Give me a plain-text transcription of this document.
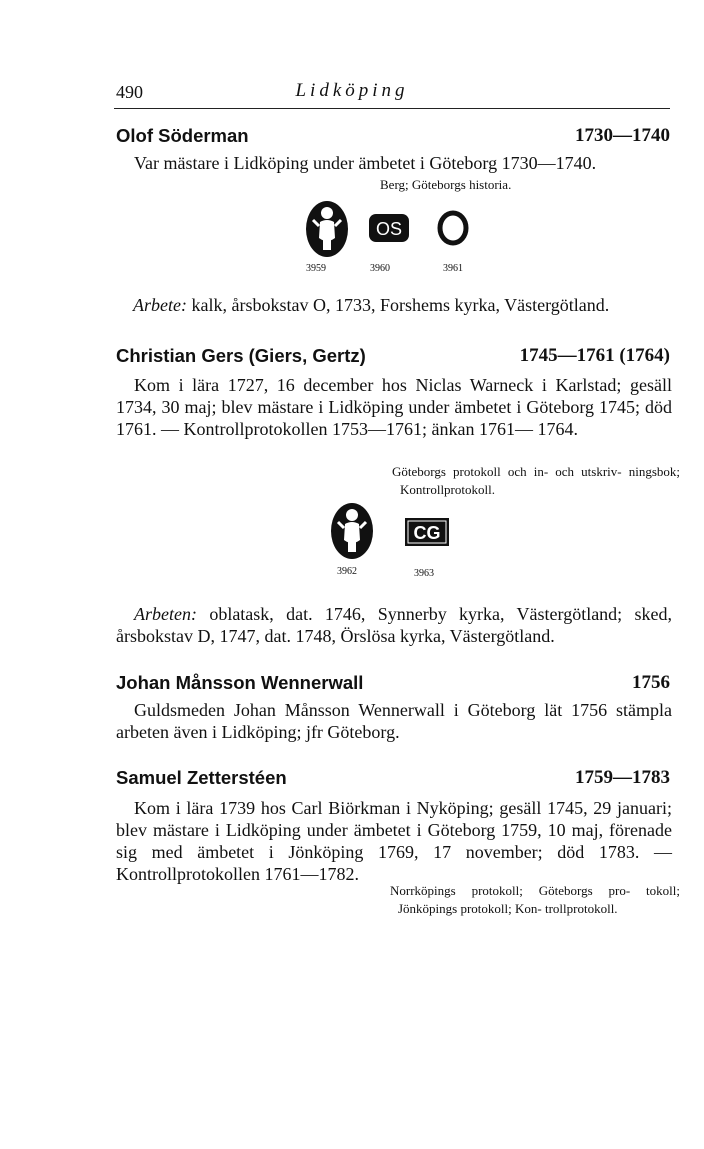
490	Lidköping
Olof Söderman	1730—1740
Var mästare i Lidköping under ämbetet i Göteborg 1730—1740.
Berg; Göteborgs historia.
3959
OS
3960	3961
Arbete: kalk, årsbokstav O, 1733, Forshems kyrka, Västergötland.
Christian Gers (Giers, Gertz)	1745—1761 (1764)
Kom i lära 1727, 16 december hos Niclas Warneck i Karlstad; gesäll 1734, 30 maj; blev mästare i Lidköping under ämbetet i Göteborg 1745; död 1761. — Kontrollprotokollen 1753—1761; änkan 1761— 1764.
Göteborgs protokoll och in- och utskriv- ningsbok; Kontrollprotokoll.
3962
CG
3963
Arbeten: oblatask, dat. 1746, Synnerby kyrka, Västergötland; sked, årsbokstav D, 1747, dat. 1748, Örslösa kyrka, Västergötland.
Johan Månsson Wennerwall	1756
Guldsmeden Johan Månsson Wennerwall i Göteborg lät 1756 stämpla arbeten även i Lidköping; jfr Göteborg.
Samuel Zetterstéen	1759—1783
Kom i lära 1739 hos Carl Biörkman i Nyköping; gesäll 1745, 29 januari; blev mästare i Lidköping under ämbetet i Göteborg 1759, 10 maj, förenade sig med ämbetet i Jönköping 1769, 17 november; död 1783. — Kontrollprotokollen 1761—1782.
Norrköpings protokoll; Göteborgs pro- tokoll; Jönköpings protokoll; Kon- trollprotokoll.
